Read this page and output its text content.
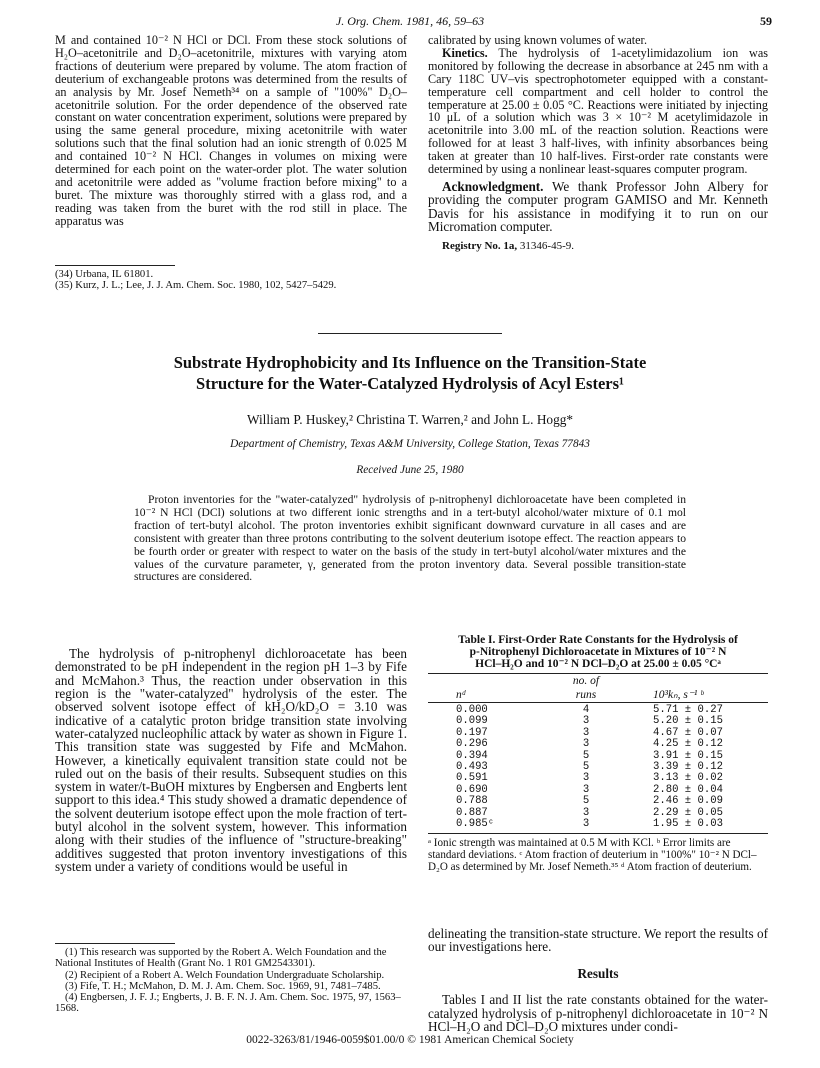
J. Org. Chem. 1981, 46, 59–63	59

M and contained 10⁻² N HCl or DCl. From these stock solutions of H₂O–acetonitrile and D₂O–acetonitrile, mixtures with varying atom fractions of deuterium were prepared by volume. The atom fraction of deuterium of exchangeable protons was determined from the results of an analysis by Mr. Josef Nemeth³⁴ on a sample of "100%" D₂O–acetonitrile solution. For the order dependence of the observed rate constant on water concentration experiment, solutions were prepared by using the same general procedure, mixing acetonitrile with water solutions such that the final solution had an ionic strength of 0.025 M and contained 10⁻² N HCl. Changes in volumes on mixing were determined for each point on the water-order plot. The water solution and acetonitrile were added as "volume fraction before mixing" to a buret. The mixture was thoroughly stirred with a glass rod, and a reading was taken from the buret with the rod still in place. The apparatus was

(34) Urbana, IL 61801.

(35) Kurz, J. L.; Lee, J. J. Am. Chem. Soc. 1980, 102, 5427–5429.

calibrated by using known volumes of water.

Kinetics. The hydrolysis of 1-acetylimidazolium ion was monitored by following the decrease in absorbance at 245 nm with a Cary 118C UV–vis spectrophotometer equipped with a constant-temperature cell compartment and cell holder to control the temperature at 25.00 ± 0.05 °C. Reactions were initiated by injecting 10 μL of a solution which was 3 × 10⁻² M acetylimidazole in acetonitrile into 3.00 mL of the reaction solution. Reactions were followed for at least 3 half-lives, with infinity absorbances being taken at greater than 10 half-lives. First-order rate constants were determined by using a nonlinear least-squares computer program.

Acknowledgment. We thank Professor John Albery for providing the computer program GAMISO and Mr. Kenneth Davis for his assistance in modifying it to run on our Micromation computer.

Registry No. 1a, 31346-45-9.

Substrate Hydrophobicity and Its Influence on the Transition-State
Structure for the Water-Catalyzed Hydrolysis of Acyl Esters¹
William P. Huskey,² Christina T. Warren,² and John L. Hogg*
Department of Chemistry, Texas A&M University, College Station, Texas 77843
Received June 25, 1980
Proton inventories for the "water-catalyzed" hydrolysis of p-nitrophenyl dichloroacetate have been completed in 10⁻² N HCl (DCl) solutions at two different ionic strengths and in a tert-butyl alcohol/water mixture of 0.1 mol fraction of tert-butyl alcohol. The proton inventories exhibit significant downward curvature in all cases and are consistent with greater than three protons contributing to the solvent deuterium isotope effect. The reaction appears to be fourth order or greater with respect to water on the basis of the study in tert-butyl alcohol/water mixtures and the values of the curvature parameter, γ, generated from the proton inventory data. Several possible transition-state structures are considered.

The hydrolysis of p-nitrophenyl dichloroacetate has been demonstrated to be pH independent in the region pH 1–3 by Fife and McMahon.³ Thus, the reaction under observation in this region is the "water-catalyzed" hydrolysis of the ester. The observed solvent isotope effect of kH₂O/kD₂O = 3.10 was indicative of a catalytic proton bridge transition state involving water-catalyzed nucleophilic attack by water as shown in Figure 1. This transition state was suggested by Fife and McMahon. However, a kinetically equivalent transition state could not be ruled out on the basis of their results. Subsequent studies on this system in water/t-BuOH mixtures by Engbersen and Engberts lent support to this idea.⁴ This study showed a dramatic dependence of the solvent deuterium isotope effect upon the mole fraction of tert-butyl alcohol in the solvent system, however. This information along with their studies of the influence of "structure-breaking" additives suggested that proton inventory investigations of this system under a variety of conditions would be useful in

(1) This research was supported by the Robert A. Welch Foundation and the National Institutes of Health (Grant No. 1 R01 GM2543301).

(2) Recipient of a Robert A. Welch Foundation Undergraduate Scholarship.

(3) Fife, T. H.; McMahon, D. M. J. Am. Chem. Soc. 1969, 91, 7481–7485.

(4) Engbersen, J. F. J.; Engberts, J. B. F. N. J. Am. Chem. Soc. 1975, 97, 1563–1568.

Table I. First-Order Rate Constants for the Hydrolysis of
p-Nitrophenyl Dichloroacetate in Mixtures of 10⁻² N
HCl–H₂O and 10⁻² N DCl–D₂O at 25.00 ± 0.05 °Cᵃ
	no. of	
nᵈ	runs	10³kₙ, s⁻¹ ᵇ

0.000	4	5.71 ± 0.27
0.099	3	5.20 ± 0.15
0.197	3	4.67 ± 0.07
0.296	3	4.25 ± 0.12
0.394	5	3.91 ± 0.15
0.493	5	3.39 ± 0.12
0.591	3	3.13 ± 0.02
0.690	3	2.80 ± 0.04
0.788	5	2.46 ± 0.09
0.887	3	2.29 ± 0.05
0.985ᶜ	3	1.95 ± 0.03
ᵃ Ionic strength was maintained at 0.5 M with KCl. ᵇ Error limits are standard deviations. ᶜ Atom fraction of deuterium in "100%" 10⁻² N DCl–D₂O as determined by Mr. Josef Nemeth.³⁵ ᵈ Atom fraction of deuterium.

delineating the transition-state structure. We report the results of our investigations here.

Results

Tables I and II list the rate constants obtained for the water-catalyzed hydrolysis of p-nitrophenyl dichloroacetate in 10⁻² N HCl–H₂O and DCl–D₂O mixtures under condi-

0022-3263/81/1946-0059$01.00/0 © 1981 American Chemical Society
